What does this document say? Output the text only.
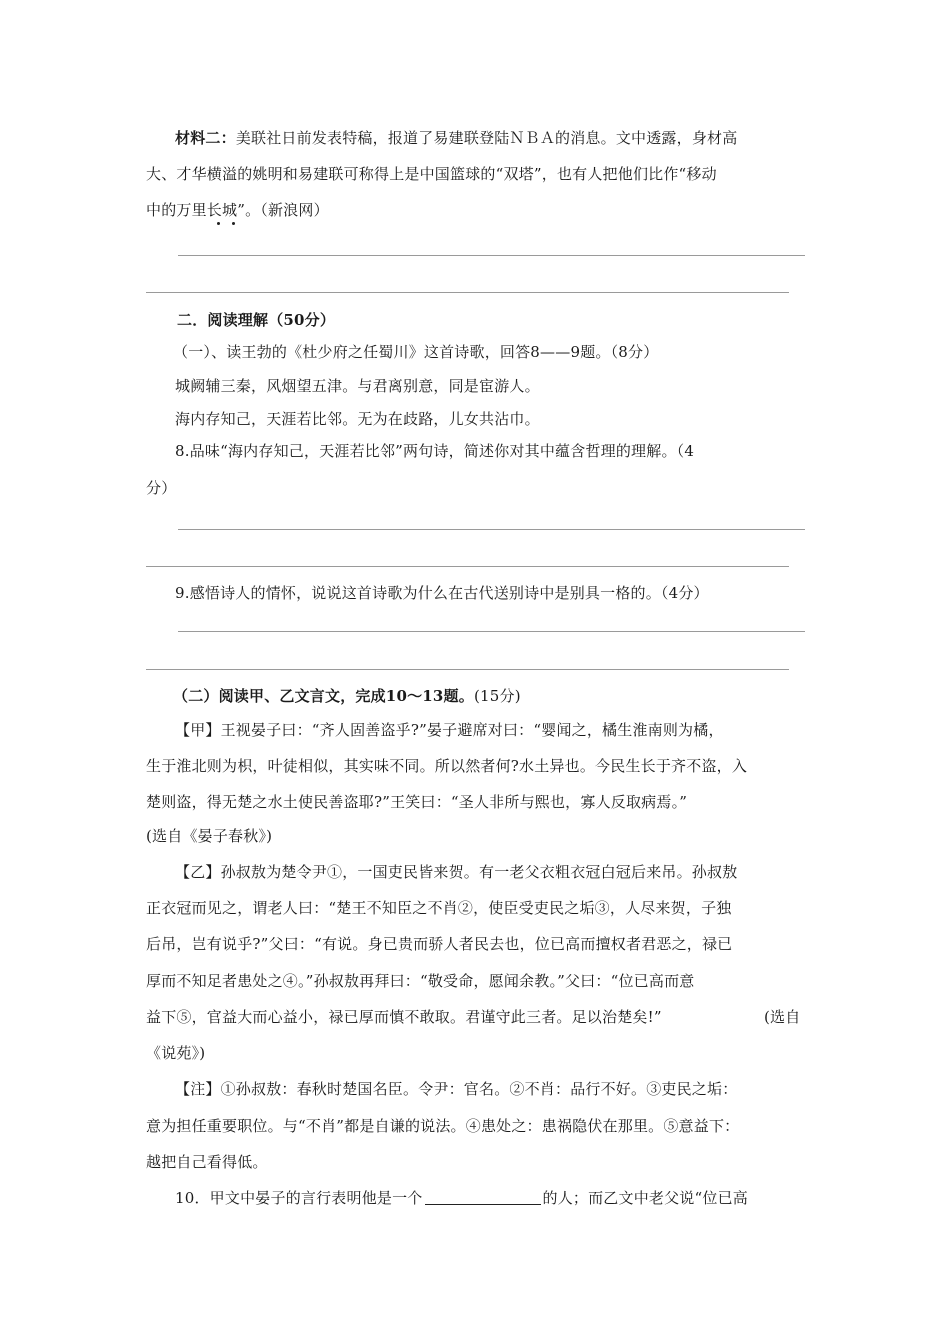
材料二：美联社日前发表特稿，报道了易建联登陆ＮＢＡ的消息。文中透露，身材高
大、才华横溢的姚明和易建联可称得上是中国篮球的“双塔”，也有人把他们比作“移动
中的万里长城”。（新浪网）
二．阅读理解（50分）
（一）、读王勃的《杜少府之任蜀川》这首诗歌，回答8——9题。（8分）
城阙辅三秦，风烟望五津。与君离别意，同是宦游人。
海内存知己，天涯若比邻。无为在歧路，儿女共沾巾。
8.品味“海内存知己，天涯若比邻”两句诗，简述你对其中蕴含哲理的理解。（4
分）
9.感悟诗人的情怀，说说这首诗歌为什么在古代送别诗中是别具一格的。（4分）
（二）阅读甲、乙文言文，完成10～13题。(15分)
【甲】王视晏子曰：“齐人固善盗乎?”晏子避席对曰：“婴闻之，橘生淮南则为橘，
生于淮北则为枳，叶徒相似，其实味不同。所以然者何?水土异也。今民生长于齐不盗，入
楚则盗，得无楚之水土使民善盗耶?”王笑曰：“圣人非所与熙也，寡人反取病焉。”
(选自《晏子春秋》)
【乙】孙叔敖为楚令尹①，一国吏民皆来贺。有一老父衣粗衣冠白冠后来吊。孙叔敖
正衣冠而见之，谓老人曰：“楚王不知臣之不肖②，使臣受吏民之垢③，人尽来贺，子独
后吊，岂有说乎?”父曰：“有说。身已贵而骄人者民去也，位已高而擅权者君恶之，禄已
厚而不知足者患处之④。”孙叔敖再拜曰：“敬受命，愿闻余教。”父曰：“位已高而意
益下⑤，官益大而心益小，禄已厚而慎不敢取。君谨守此三者。足以治楚矣!”	(选自
《说苑》)
【注】①孙叔敖：春秋时楚国名臣。令尹：官名。②不肖：品行不好。③吏民之垢：
意为担任重要职位。与“不肖”都是自谦的说法。④患处之：患祸隐伏在那里。⑤意益下：
越把自己看得低。
10．甲文中晏子的言行表明他是一个	的人；而乙文中老父说“位已高
